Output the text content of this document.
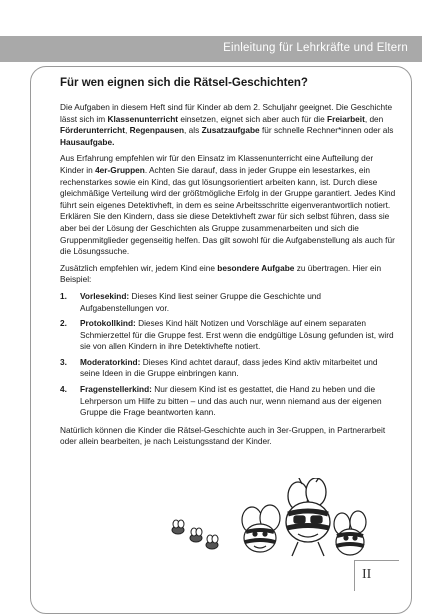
Einleitung für Lehrkräfte und Eltern
Für wen eignen sich die Rätsel-Geschichten?

Die Aufgaben in diesem Heft sind für Kinder ab dem 2. Schuljahr geeignet. Die Geschichte lässt sich im Klassenunterricht einsetzen, eignet sich aber auch für die Freiarbeit, den Förderunterricht, Regenpausen, als Zusatzaufgabe für schnelle Rechner*innen oder als Hausaufgabe.

Aus Erfahrung empfehlen wir für den Einsatz im Klassenunterricht eine Aufteilung der Kinder in 4er-Gruppen. Achten Sie darauf, dass in jeder Gruppe ein lesestarkes, ein rechenstarkes sowie ein Kind, das gut lösungsorientiert arbeiten kann, ist. Durch diese gleichmäßige Verteilung wird der größtmögliche Erfolg in der Gruppe garantiert. Jedes Kind führt sein eigenes Detektivheft, in dem es seine Arbeitsschritte eigenverantwortlich notiert. Erklären Sie den Kindern, dass sie diese Detektivheft zwar für sich selbst führen, dass sie aber bei der Lösung der Geschichten als Gruppe zusammenarbeiten und sich die Gruppenmitglieder gegenseitig helfen. Das gilt sowohl für die Aufgabenstellung als auch für die Lösungssuche.

Zusätzlich empfehlen wir, jedem Kind eine besondere Aufgabe zu übertragen. Hier ein Beispiel:

1. Vorlesekind: Dieses Kind liest seiner Gruppe die Geschichte und Aufgabenstellungen vor.
2. Protokollkind: Dieses Kind hält Notizen und Vorschläge auf einem separaten Schmierzettel für die Gruppe fest. Erst wenn die endgültige Lösung gefunden ist, wird sie von allen Kindern in ihre Detektivhefte notiert.
3. Moderatorkind: Dieses Kind achtet darauf, dass jedes Kind aktiv mitarbeitet und seine Ideen in die Gruppe einbringen kann.
4. Fragenstellerkind: Nur diesem Kind ist es gestattet, die Hand zu heben und die Lehrperson um Hilfe zu bitten – und das auch nur, wenn niemand aus der eigenen Gruppe die Frage beantworten kann.

Natürlich können die Kinder die Rätsel-Geschichte auch in 3er-Gruppen, in Partnerarbeit oder allein bearbeiten, je nach Leistungsstand der Kinder.

II
